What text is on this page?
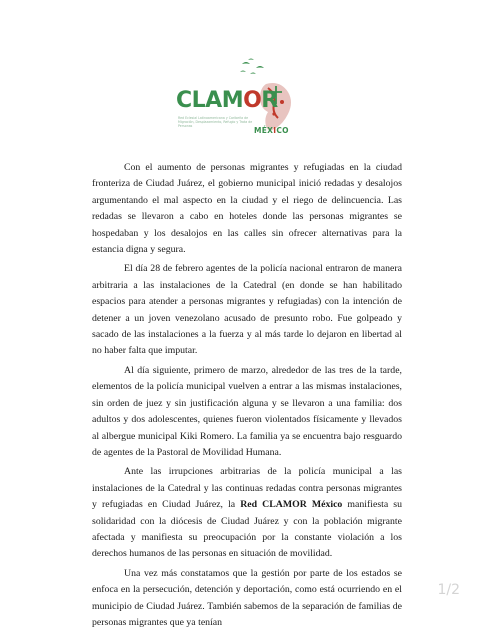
CLAMOR
Red Eclesial Latinoamericana y Caribeña de Migración, Desplazamiento, Refugio y Trata de Personas	MÉXICO

Con el aumento de personas migrantes y refugiadas en la ciudad fronteriza de Ciudad Juárez, el gobierno municipal inició redadas y desalojos argumentando el mal aspecto en la ciudad y el riego de delincuencia. Las redadas se llevaron a cabo en hoteles donde las personas migrantes se hospedaban y los desalojos en las calles sin ofrecer alternativas para la estancia digna y segura.

El día 28 de febrero agentes de la policía nacional entraron de manera arbitraria a las instalaciones de la Catedral (en donde se han habilitado espacios para atender a personas migrantes y refugiadas) con la intención de detener a un joven venezolano acusado de presunto robo. Fue golpeado y sacado de las instalaciones a la fuerza y al más tarde lo dejaron en libertad al no haber falta que imputar.

Al día siguiente, primero de marzo, alrededor de las tres de la tarde, elementos de la policía municipal vuelven a entrar a las mismas instalaciones, sin orden de juez y sin justificación alguna y se llevaron a una familia: dos adultos y dos adolescentes, quienes fueron violentados físicamente y llevados al albergue municipal Kiki Romero. La familia ya se encuentra bajo resguardo de agentes de la Pastoral de Movilidad Humana.

Ante las irrupciones arbitrarias de la policía municipal a las instalaciones de la Catedral y las continuas redadas contra personas migrantes y refugiadas en Ciudad Juárez, la Red CLAMOR México manifiesta su solidaridad con la diócesis de Ciudad Juárez y con la población migrante afectada y manifiesta su preocupación por la constante violación a los derechos humanos de las personas en situación de movilidad.

Una vez más constatamos que la gestión por parte de los estados se enfoca en la persecución, detención y deportación, como está ocurriendo en el municipio de Ciudad Juárez. También sabemos de la separación de familias de personas migrantes que ya tenían

1/2
